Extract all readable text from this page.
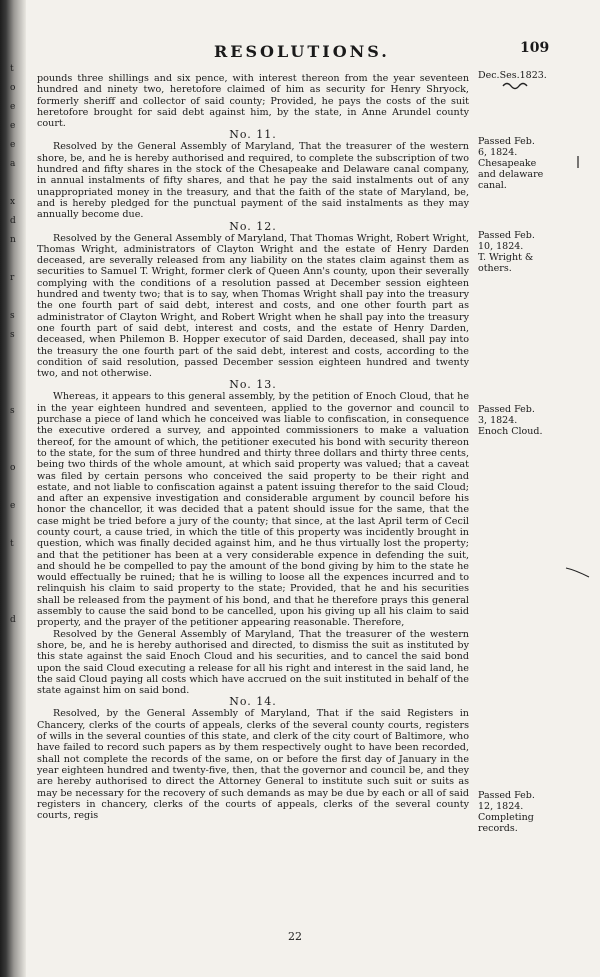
t
o
e
e
e
a

x
d
n

r

s
s

s

o

e

t

d
RESOLUTIONS.	109

pounds three shillings and six pence, with interest thereon from the year seventeen hundred and ninety two, heretofore claimed of him as security for Henry Shryock, formerly sheriff and collector of said county; Provided, he pays the costs of the suit heretofore brought for said debt against him, by the state, in Anne Arundel county court.

No. 11.

Resolved by the General Assembly of Maryland, That the treasurer of the western shore, be, and he is hereby authorised and required, to complete the subscription of two hundred and fifty shares in the stock of the Chesapeake and Delaware canal company, in annual instalments of fifty shares, and that he pay the said instalments out of any unappropriated money in the treasury, and that the faith of the state of Maryland, be, and is hereby pledged for the punctual payment of the said instalments as they may annually become due.

No. 12.

Resolved by the General Assembly of Maryland, That Thomas Wright, Robert Wright, Thomas Wright, administrators of Clayton Wright and the estate of Henry Darden deceased, are severally released from any liability on the states claim against them as securities to Samuel T. Wright, former clerk of Queen Ann's county, upon their severally complying with the conditions of a resolution passed at December session eighteen hundred and twenty two; that is to say, when Thomas Wright shall pay into the treasury the one fourth part of said debt, interest and costs, and one other fourth part as administrator of Clayton Wright, and Robert Wright when he shall pay into the treasury one fourth part of said debt, interest and costs, and the estate of Henry Darden, deceased, when Philemon B. Hopper executor of said Darden, deceased, shall pay into the treasury the one fourth part of the said debt, interest and costs, according to the condition of said resolution, passed December session eighteen hundred and twenty two, and not otherwise.

No. 13.

Whereas, it appears to this general assembly, by the petition of Enoch Cloud, that he in the year eighteen hundred and seventeen, applied to the governor and council to purchase a piece of land which he conceived was liable to confiscation, in consequence the executive ordered a survey, and appointed commissioners to make a valuation thereof, for the amount of which, the petitioner executed his bond with security thereon to the state, for the sum of three hundred and thirty three dollars and thirty three cents, being two thirds of the whole amount, at which said property was valued; that a caveat was filed by certain persons who conceived the said property to be their right and estate, and not liable to confiscation against a patent issuing therefor to the said Cloud; and after an expensive investigation and considerable argument by council before his honor the chancellor, it was decided that a patent should issue for the same, that the case might be tried before a jury of the county; that since, at the last April term of Cecil county court, a cause tried, in which the title of this property was incidently brought in question, which was finally decided against him, and he thus virtually lost the property; and that the petitioner has been at a very considerable expence in defending the suit, and should he be compelled to pay the amount of the bond giving by him to the state he would effectually be ruined; that he is willing to loose all the expences incurred and to relinquish his claim to said property to the state; Provided, that he and his securities shall be released from the payment of his bond, and that he therefore prays this general assembly to cause the said bond to be cancelled, upon his giving up all his claim to said property, and the prayer of the petitioner appearing reasonable. Therefore,

Resolved by the General Assembly of Maryland, That the treasurer of the western shore, be, and he is hereby authorised and directed, to dismiss the suit as instituted by this state against the said Enoch Cloud and his securities, and to cancel the said bond upon the said Cloud executing a release for all his right and interest in the said land, he the said Cloud paying all costs which have accrued on the suit instituted in behalf of the state against him on said bond.

No. 14.

Resolved, by the General Assembly of Maryland, That if the said Registers in Chancery, clerks of the courts of appeals, clerks of the several county courts, registers of wills in the several counties of this state, and clerk of the city court of Baltimore, who have failed to record such papers as by them respectively ought to have been recorded, shall not complete the records of the same, on or before the first day of January in the year eighteen hundred and twenty-five, then, that the governor and council be, and they are hereby authorised to direct the Attorney General to institute such suit or suits as may be necessary for the recovery of such demands as may be due by each or all of said registers in chancery, clerks of the courts of appeals, clerks of the several county courts, regis

Dec.Ses.1823.
Passed Feb.
6, 1824.
Chesapeake
and delaware
canal.
Passed Feb.
10, 1824.
T. Wright &
others.
Passed Feb.
3, 1824.
Enoch Cloud.
Passed Feb.
12, 1824.
Completing
records.
22
